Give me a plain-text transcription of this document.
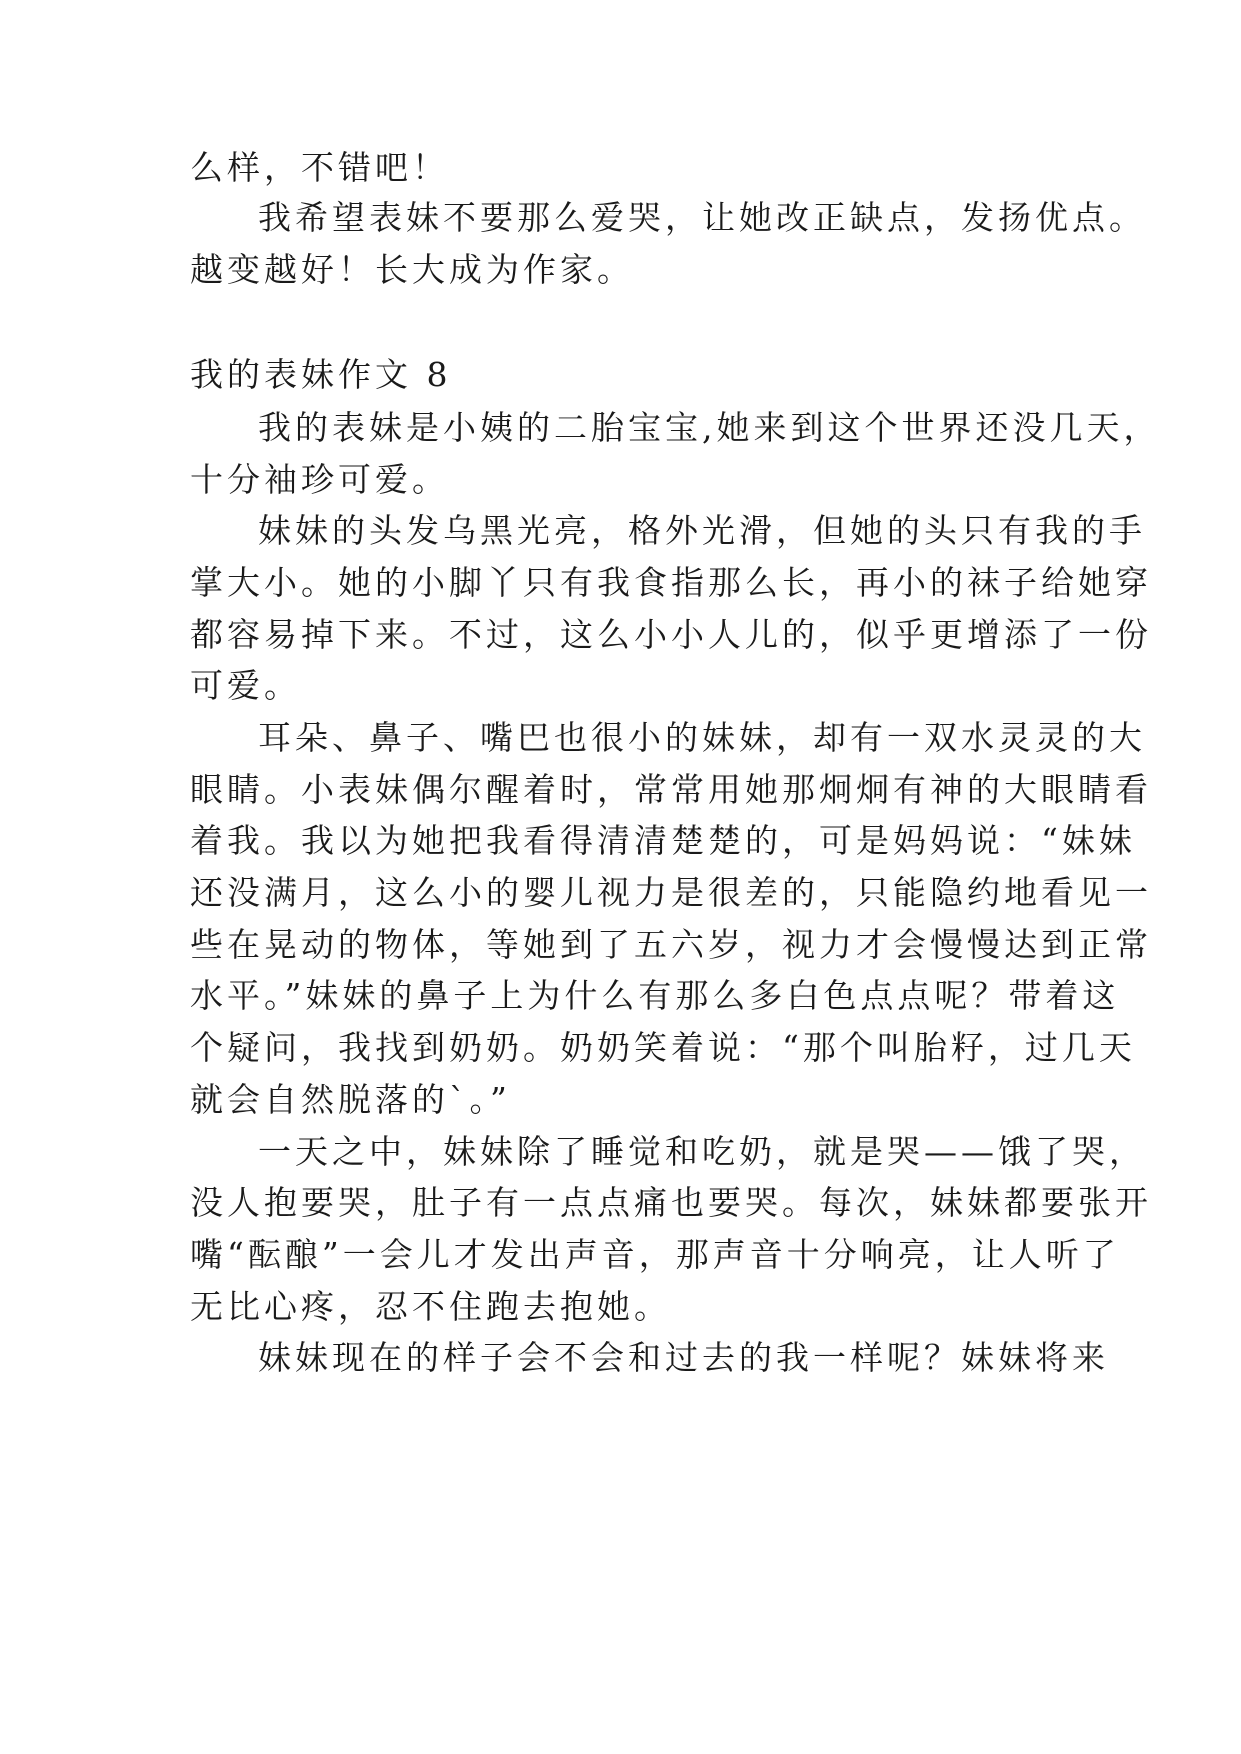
么样，不错吧！
我希望表妹不要那么爱哭，让她改正缺点，发扬优点。
越变越好！长大成为作家。
我的表妹作文 8
我的表妹是小姨的二胎宝宝,她来到这个世界还没几天，
十分袖珍可爱。
妹妹的头发乌黑光亮，格外光滑，但她的头只有我的手
掌大小。她的小脚丫只有我食指那么长，再小的袜子给她穿
都容易掉下来。不过，这么小小人儿的，似乎更增添了一份
可爱。
耳朵、鼻子、嘴巴也很小的妹妹，却有一双水灵灵的大
眼睛。小表妹偶尔醒着时，常常用她那炯炯有神的大眼睛看
着我。我以为她把我看得清清楚楚的，可是妈妈说：“妹妹
还没满月，这么小的婴儿视力是很差的，只能隐约地看见一
些在晃动的物体，等她到了五六岁，视力才会慢慢达到正常
水平。”妹妹的鼻子上为什么有那么多白色点点呢？带着这
个疑问，我找到奶奶。奶奶笑着说：“那个叫胎籽，过几天
就会自然脱落的`。”
一天之中，妹妹除了睡觉和吃奶，就是哭——饿了哭，
没人抱要哭，肚子有一点点痛也要哭。每次，妹妹都要张开
嘴“酝酿”一会儿才发出声音，那声音十分响亮，让人听了
无比心疼，忍不住跑去抱她。
妹妹现在的样子会不会和过去的我一样呢？妹妹将来
